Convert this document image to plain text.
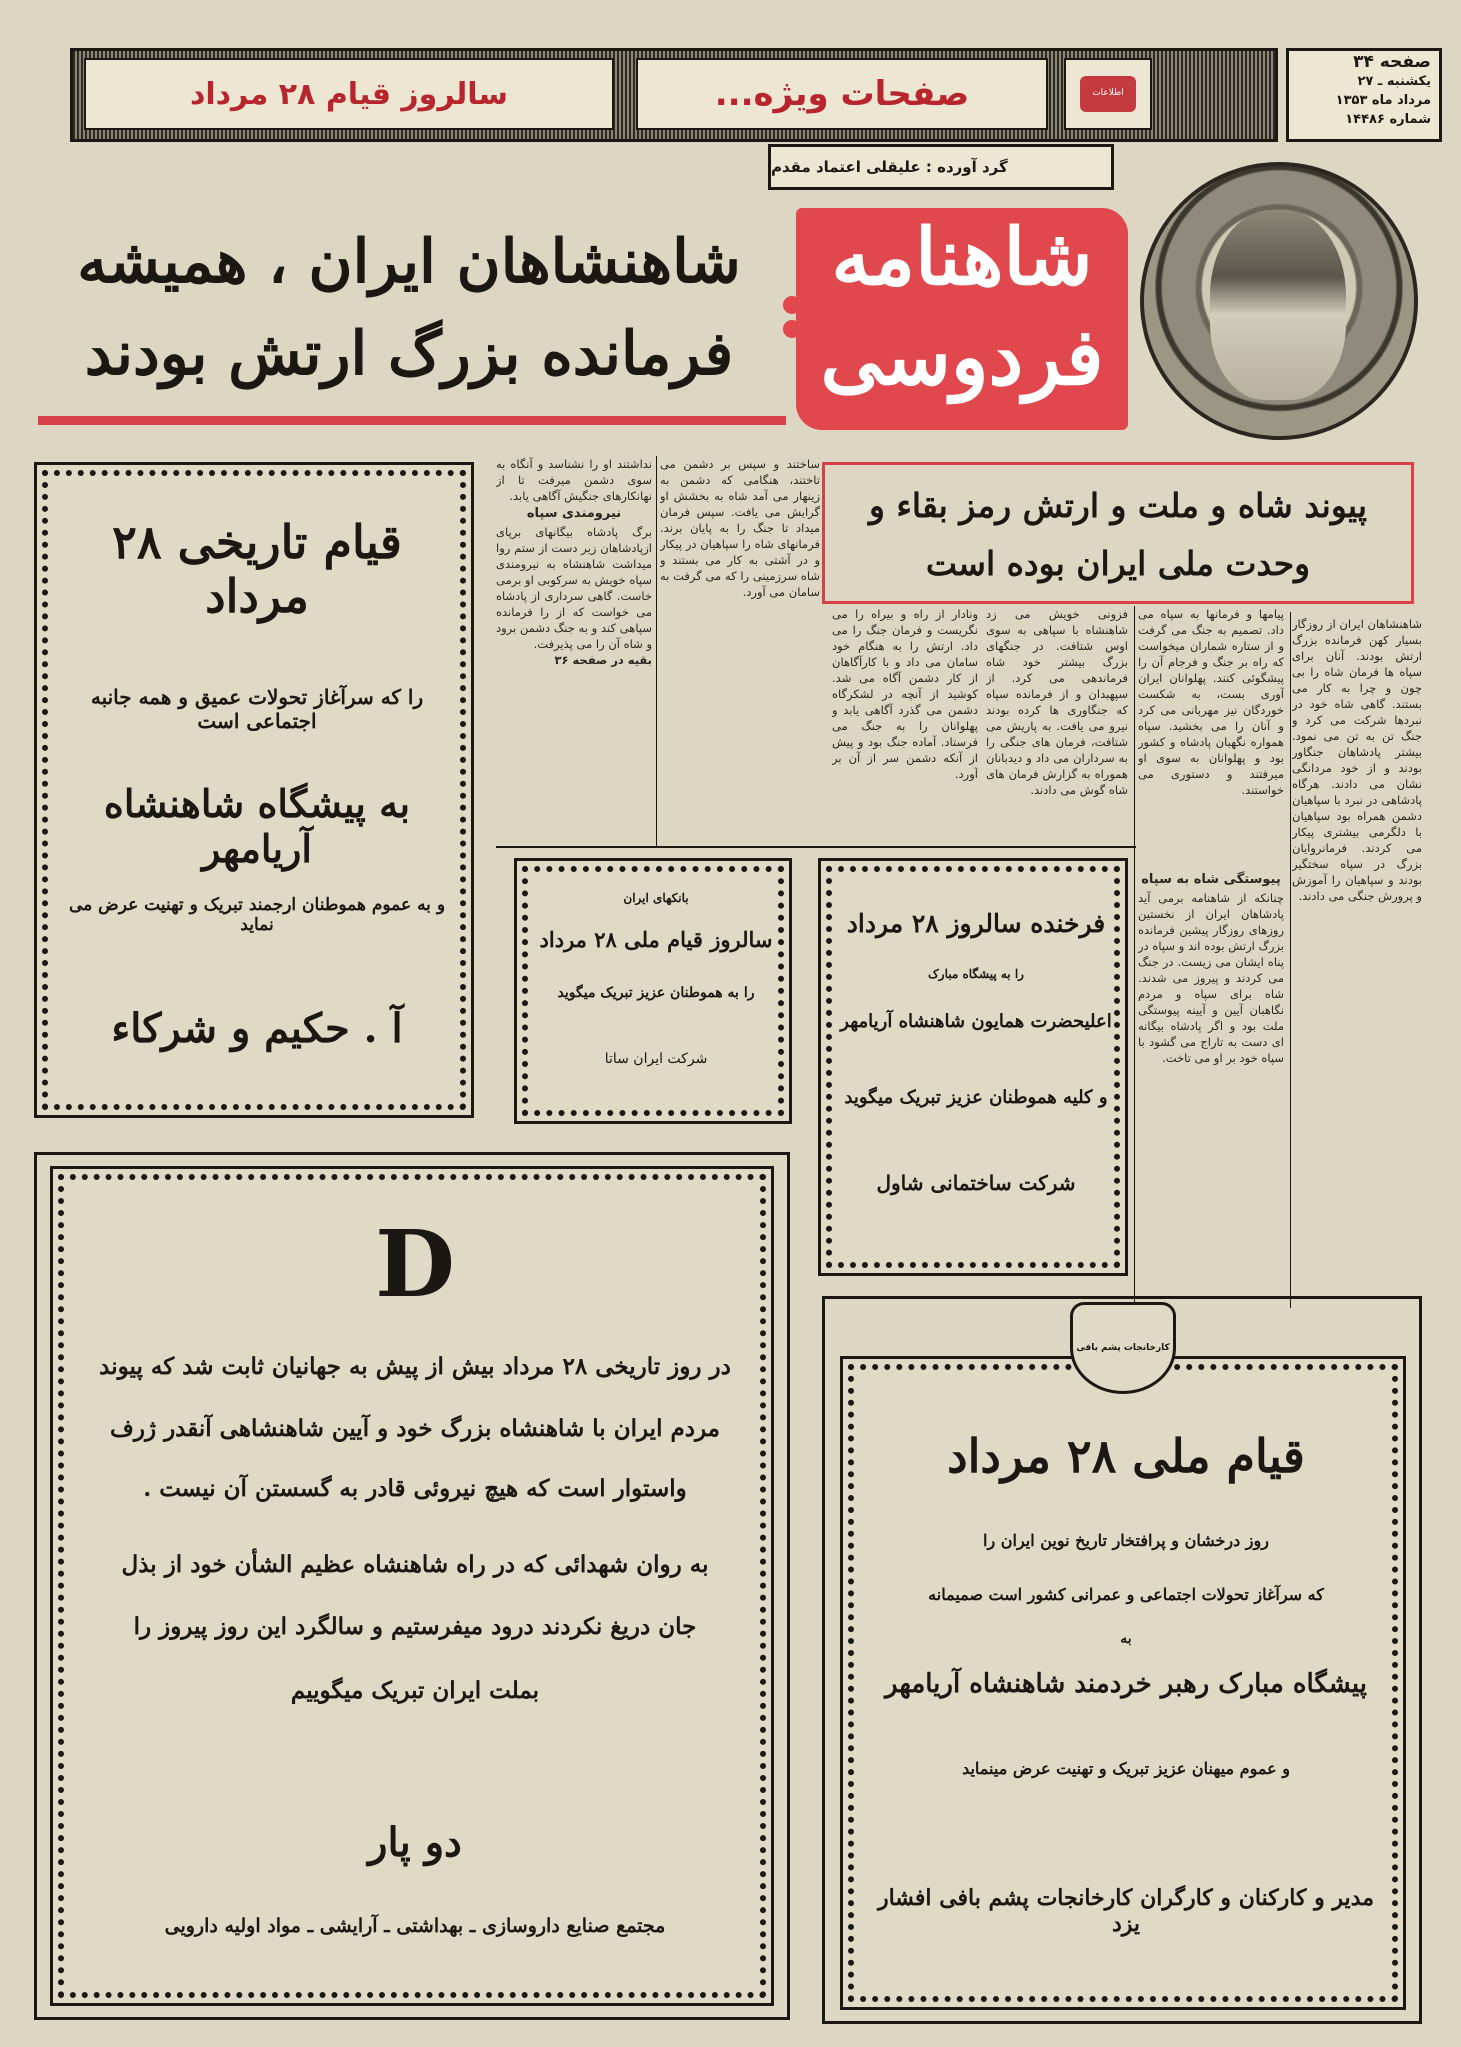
اطلاعات
صفحات ویژه...
سالروز قیام ۲۸ مرداد
صفحه ۳۴
یکشنبه ـ ۲۷
مرداد ماه ۱۳۵۳
شماره ۱۴۴۸۶
گرد آورده : علیقلی اعتماد مقدم
شاهنامه
فردوسی
شاهنشاهان ایران ، همیشه
فرمانده بزرگ ارتش بودند
پیوند شاه و ملت و ارتش رمز بقاء و
وحدت ملی ایران بوده است

شاهنشاهان ایران از روزگار بسیار کهن فرمانده بزرگ ارتش بودند. آنان برای سپاه ها فرمان شاه را بی چون و چرا به کار می بستند. گاهی شاه خود در نبردها شرکت می کرد و جنگ تن به تن می نمود. بیشتر پادشاهان جنگاور بودند و از خود مردانگی نشان می دادند. هرگاه پادشاهی در نبرد با سپاهیان دشمن همراه بود سپاهیان با دلگرمی بیشتری پیکار می کردند. فرمانروایان بزرگ در سپاه سختگیر بودند و سپاهیان را آموزش و پرورش جنگی می دادند.

پیامها و فرمانها به سپاه می داد. تصمیم به جنگ می گرفت و از ستاره شماران میخواست که راه بر جنگ و فرجام آن را پیشگوئی کنند. پهلوانان ایران آوری بست، به شکست خوردگان نیز مهربانی می کرد و آنان را می بخشید. سپاه همواره نگهبان پادشاه و کشور بود و پهلوانان به سوی او میرفتند و دستوری می خواستند.

پیوستگی شاه به سپاه

چنانکه از شاهنامه برمی آید پادشاهان ایران از نخستین روزهای روزگار پیشین فرمانده بزرگ ارتش بوده اند و سپاه در پناه ایشان می زیست. در جنگ می کردند و پیروز می شدند. شاه برای سپاه و مردم نگاهبان آیین و آیینه پیوستگی ملت بود و اگر پادشاه بیگانه ای دست به تاراج می گشود با سپاه خود بر او می تاخت.

فزونی خویش می زد شاهنشاه با سپاهی به سوی اوس شتافت. در جنگهای بزرگ بیشتر خود شاه فرماندهی می کرد. از سپهبدان و از فرمانده سپاه که جنگاوری ها کرده بودند نیرو می یافت. به پاریش می شتافت، فرمان های جنگی را به سرداران می داد و دیدبانان هموراه به گزارش فرمان های شاه گوش می دادند.

ونادار از راه و بیراه را می نگریست و فرمان جنگ را می داد. ارتش را به هنگام خود سامان می داد و با کارآگاهان از کار دشمن آگاه می شد. کوشید از آنچه در لشکرگاه دشمن می گذرد آگاهی یابد و پهلوانان را به جنگ می فرستاد. آماده جنگ بود و پیش از آنکه دشمن سر از آن بر آورد.

ساختند و سپس بر دشمن می تاختند، هنگامی که دشمن به زینهار می آمد شاه به بخشش او گرایش می یافت. سپس فرمان میداد تا جنگ را به پایان برند. فرمانهای شاه را سپاهیان در پیکار و در آشتی به کار می بستند و شاه سرزمینی را که می گرفت به سامان می آورد.

نداشتند او را نشناسد و آنگاه به سوی دشمن میرفت تا از نهانکارهای جنگیش آگاهی یابد.

نیرومندی سپاه

برگ پادشاه بیگانهای برپای ازپادشاهان زیر دست از ستم روا میداشت شاهنشاه به نیرومندی سپاه خویش به سرکوبی او برمی خاست. گاهی سرداری از پادشاه می خواست که از را فرمانده سپاهی کند و به جنگ دشمن برود و شاه آن را می پذیرفت.

بقیه در صفحه ۳۶

قیام تاریخی ۲۸ مرداد
را که سرآغاز تحولات عمیق و همه جانبه اجتماعی است
به پیشگاه شاهنشاه آریامهر
و به عموم هموطنان ارجمند تبریک و تهنیت عرض می نماید
آ . حکیم و شرکاء
بانکهای ایران
سالروز قیام ملی ۲۸ مرداد
را به هموطنان عزیز تبریک میگوید
شرکت ایران ساتا
فرخنده سالروز ۲۸ مرداد
را به پیشگاه مبارک
اعلیحضرت همایون شاهنشاه آریامهر
و کلیه هموطنان عزیز تبریک میگوید
شرکت ساختمانی شاول
D
در روز تاریخی ۲۸ مرداد بیش از پیش به جهانیان ثابت شد که پیوند
مردم ایران با شاهنشاه بزرگ خود و آیین شاهنشاهی آنقدر ژرف
واستوار است که هیچ نیروئی قادر به گسستن آن نیست .
به روان شهدائی که در راه شاهنشاه عظیم الشأن خود از بذل
جان دریغ نکردند درود میفرستیم و سالگرد این روز پیروز را
بملت ایران تبریک میگوییم
دو پار
مجتمع صنایع داروسازی ـ بهداشتی ـ آرایشی ـ مواد اولیه دارویی
قیام ملی ۲۸ مرداد
روز درخشان و پرافتخار تاریخ نوین ایران را
که سرآغاز تحولات اجتماعی و عمرانی کشور است صمیمانه
به
پیشگاه مبارک رهبر خردمند شاهنشاه آریامهر
و عموم میهنان عزیز تبریک و تهنیت عرض مینماید
مدیر و کارکنان و کارگران کارخانجات پشم بافی افشار یزد
کارخانجات پشم بافی
